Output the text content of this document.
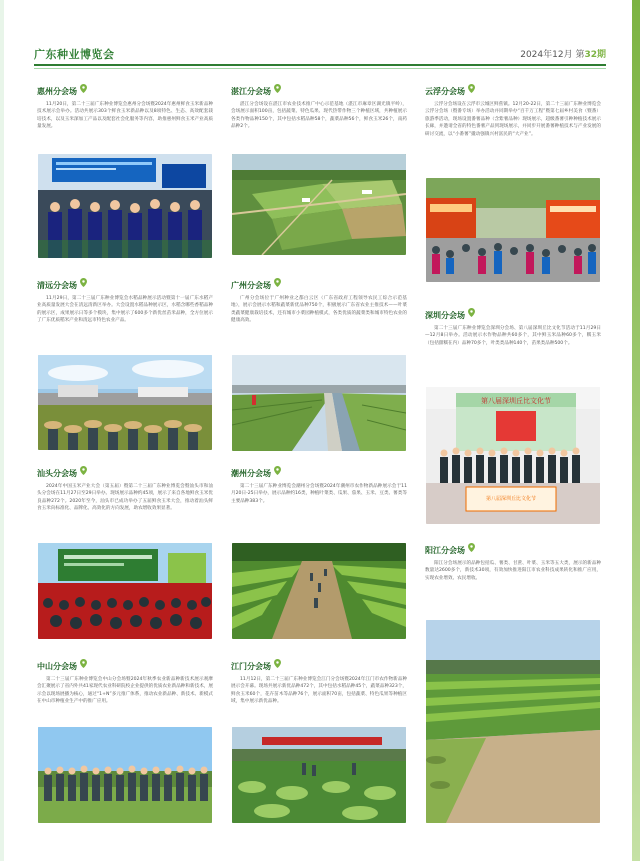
广东种业博览会	2024年12月 第32期
惠州分会场
11月20日，第二十三届广东种业博览会惠州分会场暨2024年惠州鲜食玉米新品种技术展示会举办。活动共展示303个鲜食玉米新品种以及8项特色、生态、高效配套栽培技术，以及玉米深加工产品以及配套社会化服务等内容，助推惠州鲜食玉米产业高质量发展。
清远分会场
11月29日，第二十三届广东种业博览会水稻品种展示活动暨第十一届广东水稻产业高质量发展大会在清远清新区举办。大会设置水稻品种展示区，水稻含哪些香稻品种的展示区，成果展示日等多个模块，集中展示了600多个新优丝苗米品种，全方位展示了广东优质稻米产业和清远市特色农业产品。
汕头分会场
2024年中国玉米产业大会（第五届）暨第二十三届广东种业博览会暨汕头市和汕头分会场在11月27日至29日举办。现场展示品种约45项，展示了来自各地鲜食玉米优良品种272个。2020年至今，汕头市已成功举办了五届鲜食玉米大会，推动着汕头鲜食玉米向标准化、品牌化、高效化的方向发展，助农增收效果显著。
中山分会场
第二十三届广东种业博览会中山分会场暨2024年秋季农业新品种新技术展示观摩会汇聚展示了省内外共41家现代农业科研院校企业提供的优质农业新品种和新技术，展示会以现场展播为核心，通过“1+N”多元推广体系，推动农业新品种、新技术、新模式在中山市种植业生产中的推广应用。
湛江分会场
湛江分会场设在湛江市农业技术推广中心示范基地（湛江市麻章区湖光镇平岭），会场展示面积100亩，包括蔬菜、特色瓜果、现代热带作物三个种植区域，共种植展示各类作物品种150个，其中包括水稻品种58个，蔬菜品种56个，鲜食玉米26个，南药品种2个。
广州分会场
广州分会场位于广州种业之都白云区（广东省政府工程领导农民工综合示范基地），展示会展示水稻和蔬菜新优品种750个，积极展示广东省农业主推技术——叶菜类蔬菜健康栽培技术，还有城市小菜园种植模式，各类优质的蔬菜类和城市特色农业的健康高效。
潮州分会场
第二十三届广东种业博览会潮州分会场暨2024年潮州市农作物新品种展示会于11月20日-25日举办，展示品种约16类，种植叶菜类、瓜果、茄果、玉米、豆类、薯类等主要品种383个。
江门分会场
11月12日，第二十三届广东种业博览会江门分会场暨2024年江门市农作物新品种展示会开幕。现场共展示新优品种472个，其中包括水稻品种45个，蔬菜品种323个，鲜食玉米60个，花卉苗木等品种76个，展示面积70亩，包括蔬菜、特色瓜果等种植区域，集中展示新优品种。
云浮分会场
云浮分会场设在云浮市云城区鲜蕉镇。12月20-22日，第二十三届广东种业博览会云浮分会场（暨番专场）举办活动并同期举办“百千万工程”暨第七届乡村美食（暨番）旅游季活动，现场设置番薯品种（含紫薯品种）现场展示，超级番薯引种种植技术展示长廊，并邀请全省的特色番薯产品到现场展示，并同步开展番薯种植技术与产业发展的研讨交流，以“小番薯”撬动强镇兴村富民的“大产业”。
深圳分会场
第二十三届广东种业博览会深圳分会场、第八届深圳丘比文化节活动于11月29日—12月8日举办。活动展示水作物品种共60多个，其中鲜玉米品种60多个，糯玉米（包括甜糯在内）品种70多个，叶类类品种140个，苗果类品种500个。
第八届深圳丘比文化节
第八届深圳丘比文化节
阳江分会场
阳江分会场展示的品种包括瓜、薯类、甘蔗、叶菜、玉米等五大类，展示的新品种数量达2600多个，新技术30项，有效加快推进阳江市农业科技成果转化和推广应用，实现农业增效、农民增收。
